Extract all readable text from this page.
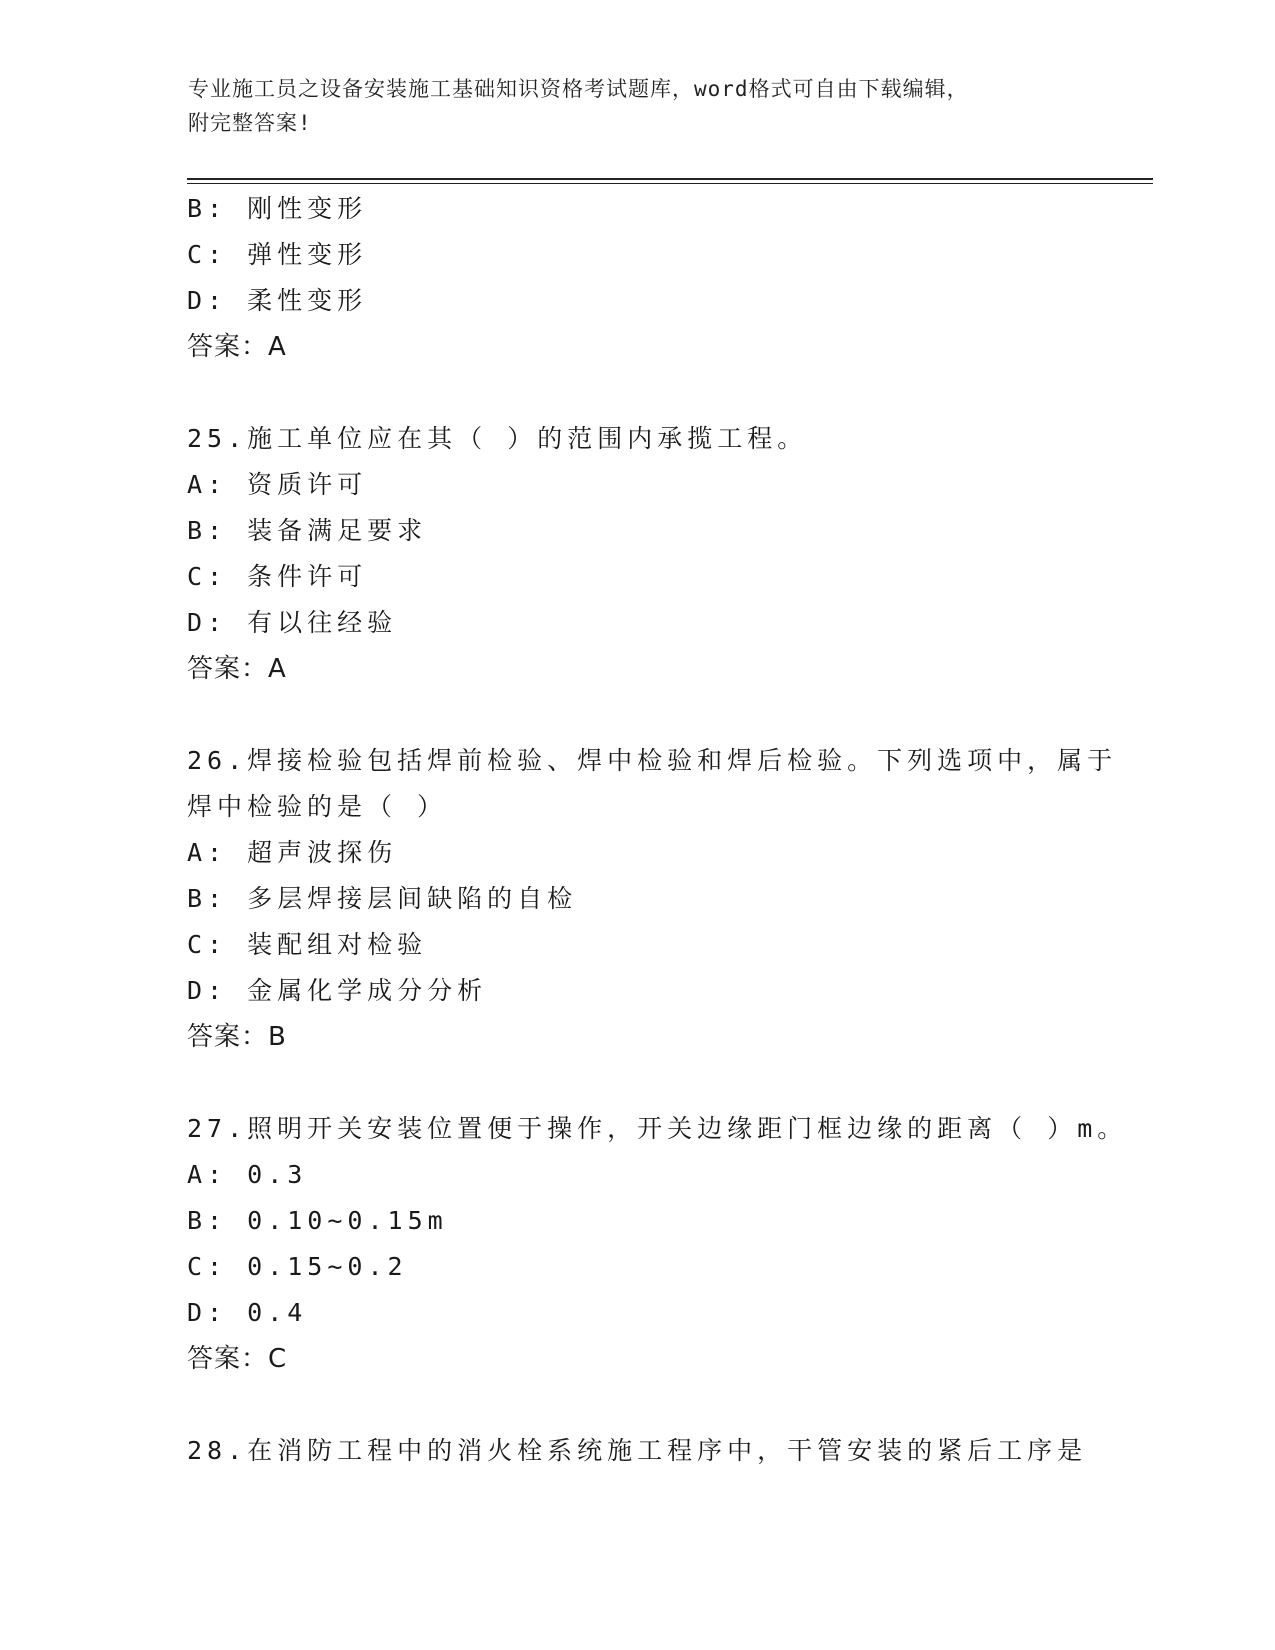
专业施工员之设备安装施工基础知识资格考试题库，word格式可自由下载编辑，
附完整答案!
B: 刚性变形
C: 弹性变形
D: 柔性变形
答案：A
25.施工单位应在其（ ）的范围内承揽工程。
A: 资质许可
B: 装备满足要求
C: 条件许可
D: 有以往经验
答案：A
26.焊接检验包括焊前检验、焊中检验和焊后检验。下列选项中，属于
焊中检验的是（ ）
A: 超声波探伤
B: 多层焊接层间缺陷的自检
C: 装配组对检验
D: 金属化学成分分析
答案：B
27.照明开关安装位置便于操作，开关边缘距门框边缘的距离（ ）m。
A: 0.3
B: 0.10~0.15m
C: 0.15~0.2
D: 0.4
答案：C
28.在消防工程中的消火栓系统施工程序中，干管安装的紧后工序是
